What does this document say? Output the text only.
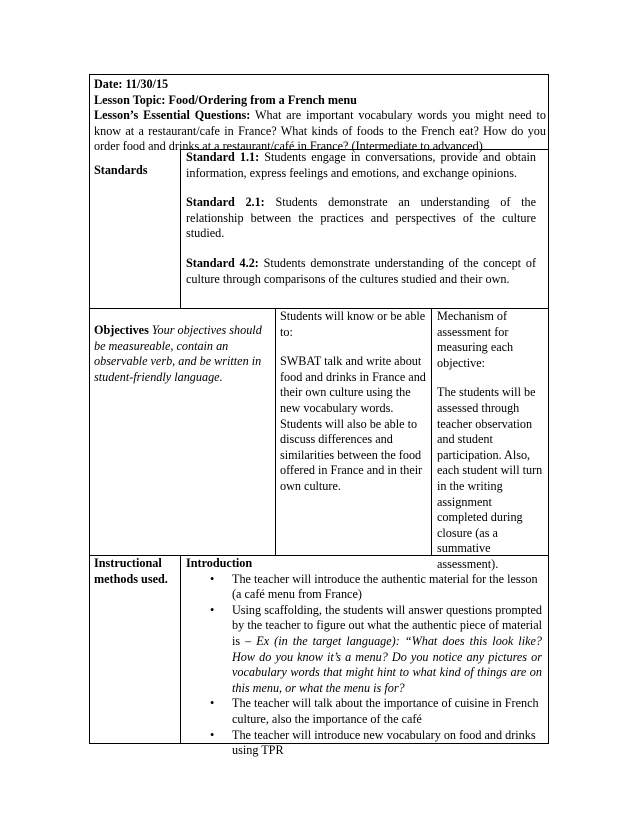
Date: 11/30/15

Lesson Topic: Food/Ordering from a French menu

Lesson’s Essential Questions: What are important vocabulary words you might need to know at a restaurant/cafe in France? What kinds of foods to the French eat? How do you order food and drinks at a restaurant/café in France? (Intermediate to advanced)

Standards

Standard 1.1: Students engage in conversations, provide and obtain information, express feelings and emotions, and exchange opinions.

Standard 2.1: Students demonstrate an understanding of the relationship between the practices and perspectives of the culture studied.

Standard 4.2: Students demonstrate understanding of the concept of culture through comparisons of the cultures studied and their own.

Objectives Your objectives should be measureable, contain an observable verb, and be written in student-friendly language.

Students will know or be able to:

SWBAT talk and write about food and drinks in France and their own culture using the new vocabulary words. Students will also be able to discuss differences and similarities between the food offered in France and in their own culture.

Mechanism of assessment for measuring each objective:

The students will be assessed through teacher observation and student participation. Also, each student will turn in the writing assignment completed during closure (as a summative assessment).

Instructional methods used.
Introduction
• The teacher will introduce the authentic material for the lesson (a café menu from France)
• Using scaffolding, the students will answer questions prompted by the teacher to figure out what the authentic piece of material is – Ex (in the target language): “What does this look like? How do you know it’s a menu? Do you notice any pictures or vocabulary words that might hint to what kind of things are on this menu, or what the menu is for?
• The teacher will talk about the importance of cuisine in French culture, also the importance of the café
• The teacher will introduce new vocabulary on food and drinks using TPR
